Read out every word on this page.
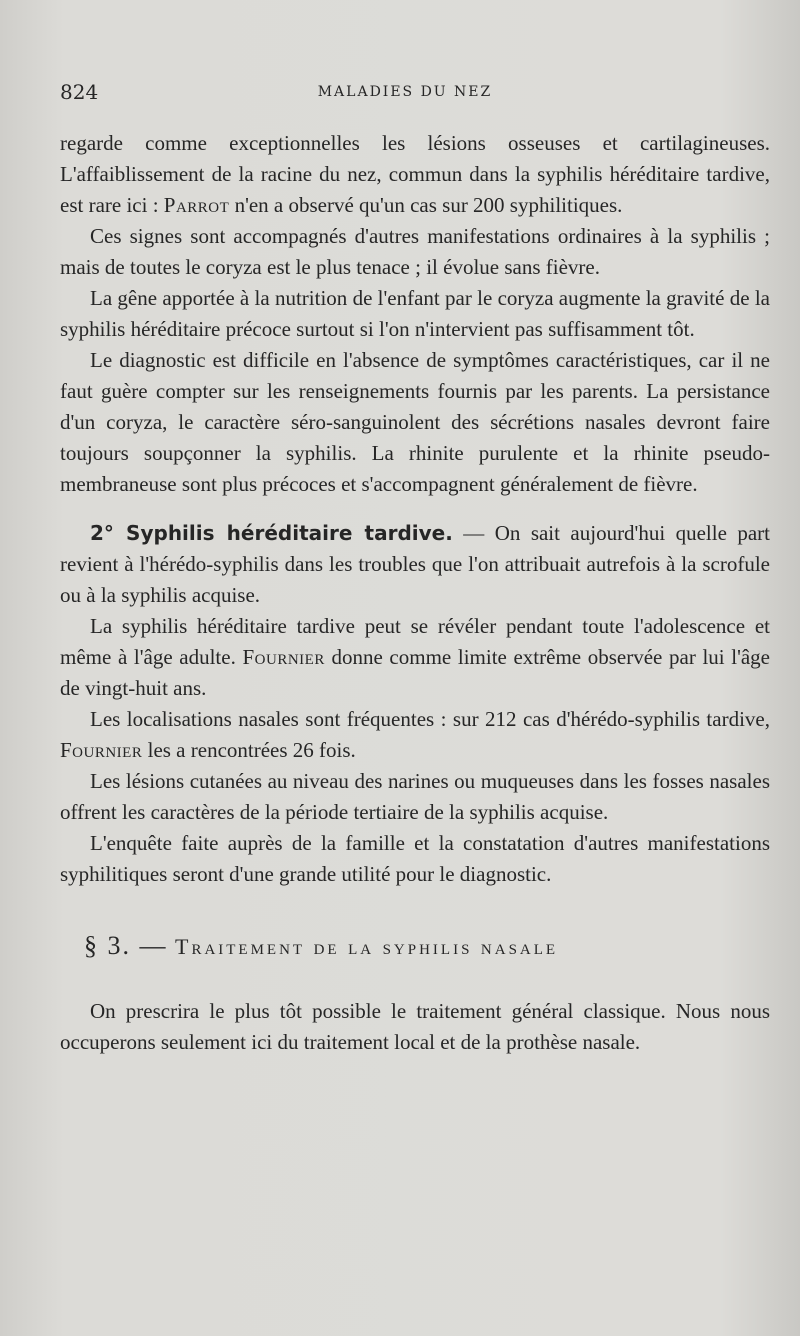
824	MALADIES DU NEZ

regarde comme exceptionnelles les lésions osseuses et cartilagineuses. L'affaiblissement de la racine du nez, commun dans la syphilis héréditaire tardive, est rare ici : Parrot n'en a observé qu'un cas sur 200 syphilitiques.

Ces signes sont accompagnés d'autres manifestations ordinaires à la syphilis ; mais de toutes le coryza est le plus tenace ; il évolue sans fièvre.

La gêne apportée à la nutrition de l'enfant par le coryza augmente la gravité de la syphilis héréditaire précoce surtout si l'on n'intervient pas suffisamment tôt.

Le diagnostic est difficile en l'absence de symptômes caractéristiques, car il ne faut guère compter sur les renseignements fournis par les parents. La persistance d'un coryza, le caractère séro-sanguinolent des sécrétions nasales devront faire toujours soupçonner la syphilis. La rhinite purulente et la rhinite pseudo-membraneuse sont plus précoces et s'accompagnent généralement de fièvre.

2° Syphilis héréditaire tardive. — On sait aujourd'hui quelle part revient à l'hérédo-syphilis dans les troubles que l'on attribuait autrefois à la scrofule ou à la syphilis acquise.

La syphilis héréditaire tardive peut se révéler pendant toute l'adolescence et même à l'âge adulte. Fournier donne comme limite extrême observée par lui l'âge de vingt-huit ans.

Les localisations nasales sont fréquentes : sur 212 cas d'hérédo-syphilis tardive, Fournier les a rencontrées 26 fois.

Les lésions cutanées au niveau des narines ou muqueuses dans les fosses nasales offrent les caractères de la période tertiaire de la syphilis acquise.

L'enquête faite auprès de la famille et la constatation d'autres manifestations syphilitiques seront d'une grande utilité pour le diagnostic.

§ 3. — Traitement de la syphilis nasale

On prescrira le plus tôt possible le traitement général classique. Nous nous occuperons seulement ici du traitement local et de la prothèse nasale.
